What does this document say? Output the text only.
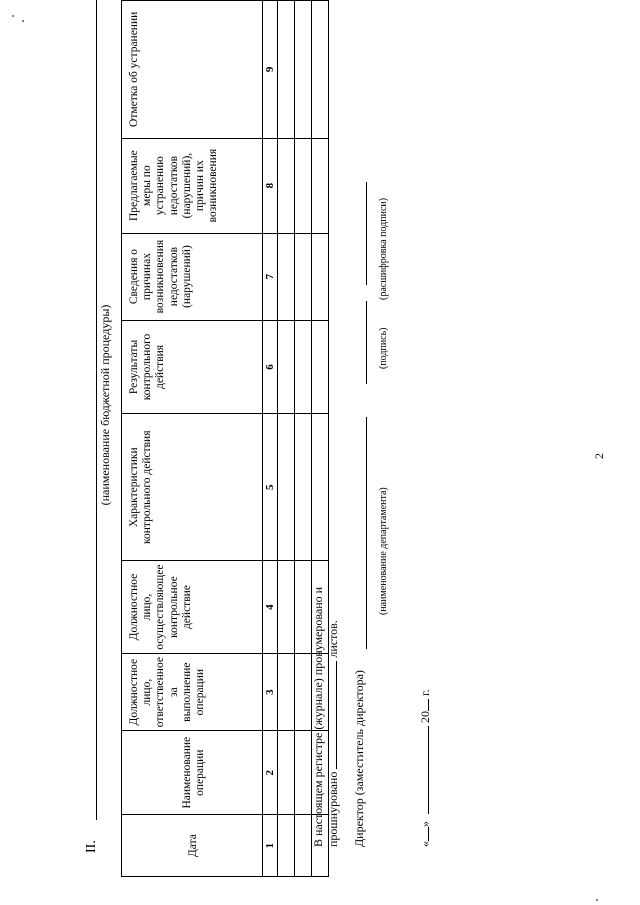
2
II.
(наименование бюджетной процедуры)
Дата	Наименование операции	Должностное лицо, ответственное за выполнение операции	Должностное лицо, осуществляющее контрольное действие	Характеристики контрольного действия	Результаты контрольного действия	Сведения о причинах возникновения недостатков (нарушений)	Предлагаемые меры по устранению недостатков (нарушений), причин их возникновения	Отметка об устранении
1	2	3	4	5	6	7	8	9

В настоящем регистре (журнале) пронумеровано и прошнуровано  листов.
Директор (заместитель директора)
(наименование департамента)
(подпись)
(расшифровка подписи)
«»  20 г.
